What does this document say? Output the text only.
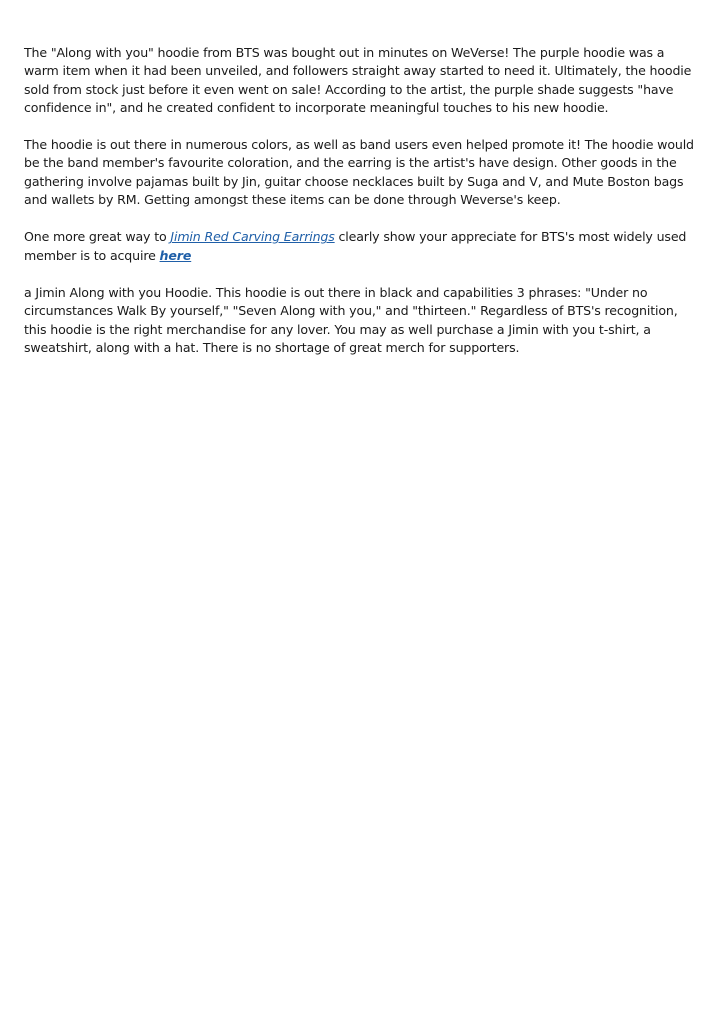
The "Along with you" hoodie from BTS was bought out in minutes on WeVerse! The purple hoodie was a warm item when it had been unveiled, and followers straight away started to need it. Ultimately, the hoodie sold from stock just before it even went on sale! According to the artist, the purple shade suggests "have confidence in", and he created confident to incorporate meaningful touches to his new hoodie.

The hoodie is out there in numerous colors, as well as band users even helped promote it! The hoodie would be the band member's favourite coloration, and the earring is the artist's have design. Other goods in the gathering involve pajamas built by Jin, guitar choose necklaces built by Suga and V, and Mute Boston bags and wallets by RM. Getting amongst these items can be done through Weverse's keep.

One more great way to Jimin Red Carving Earrings clearly show your appreciate for BTS's most widely used member is to acquire here

a Jimin Along with you Hoodie. This hoodie is out there in black and capabilities 3 phrases: "Under no circumstances Walk By yourself," "Seven Along with you," and "thirteen." Regardless of BTS's recognition, this hoodie is the right merchandise for any lover. You may as well purchase a Jimin with you t-shirt, a sweatshirt, along with a hat. There is no shortage of great merch for supporters.
